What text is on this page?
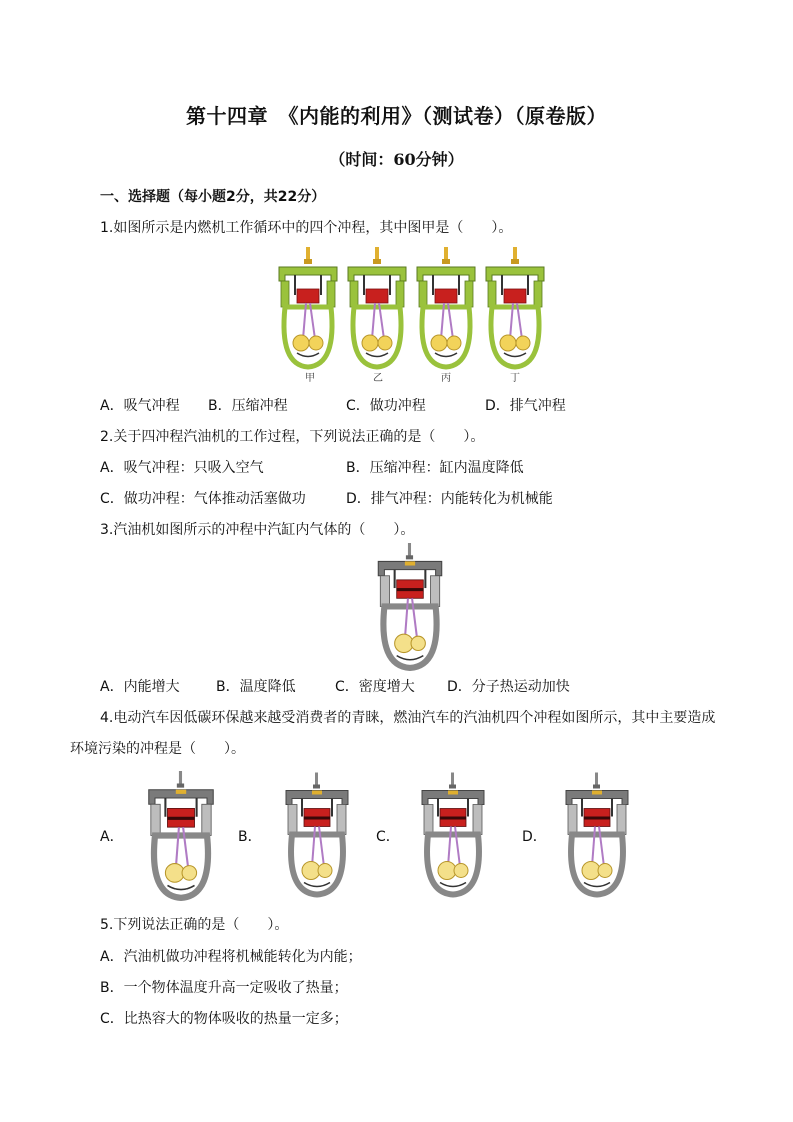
第十四章　《内能的利用》（测试卷）（原卷版）
（时间：60分钟）
一、选择题（每小题2分，共22分）
1.如图所示是内燃机工作循环中的四个冲程，其中图甲是（　　）。
甲	乙	丙	丁
A．吸气冲程 B．压缩冲程	C．做功冲程	D．排气冲程
2.关于四冲程汽油机的工作过程，下列说法正确的是（　　）。
A．吸气冲程：只吸入空气	B．压缩冲程：缸内温度降低
C．做功冲程：气体推动活塞做功	D．排气冲程：内能转化为机械能
3.汽油机如图所示的冲程中汽缸内气体的（　　）。
A．内能增大	B．温度降低	C．密度增大 D．分子热运动加快
4.电动汽车因低碳环保越来越受消费者的青睐，燃油汽车的汽油机四个冲程如图所示，其中主要造成
环境污染的冲程是（　　）。
A．	B．	C．	D．
5.下列说法正确的是（　　）。
A．汽油机做功冲程将机械能转化为内能；
B．一个物体温度升高一定吸收了热量；
C．比热容大的物体吸收的热量一定多；
